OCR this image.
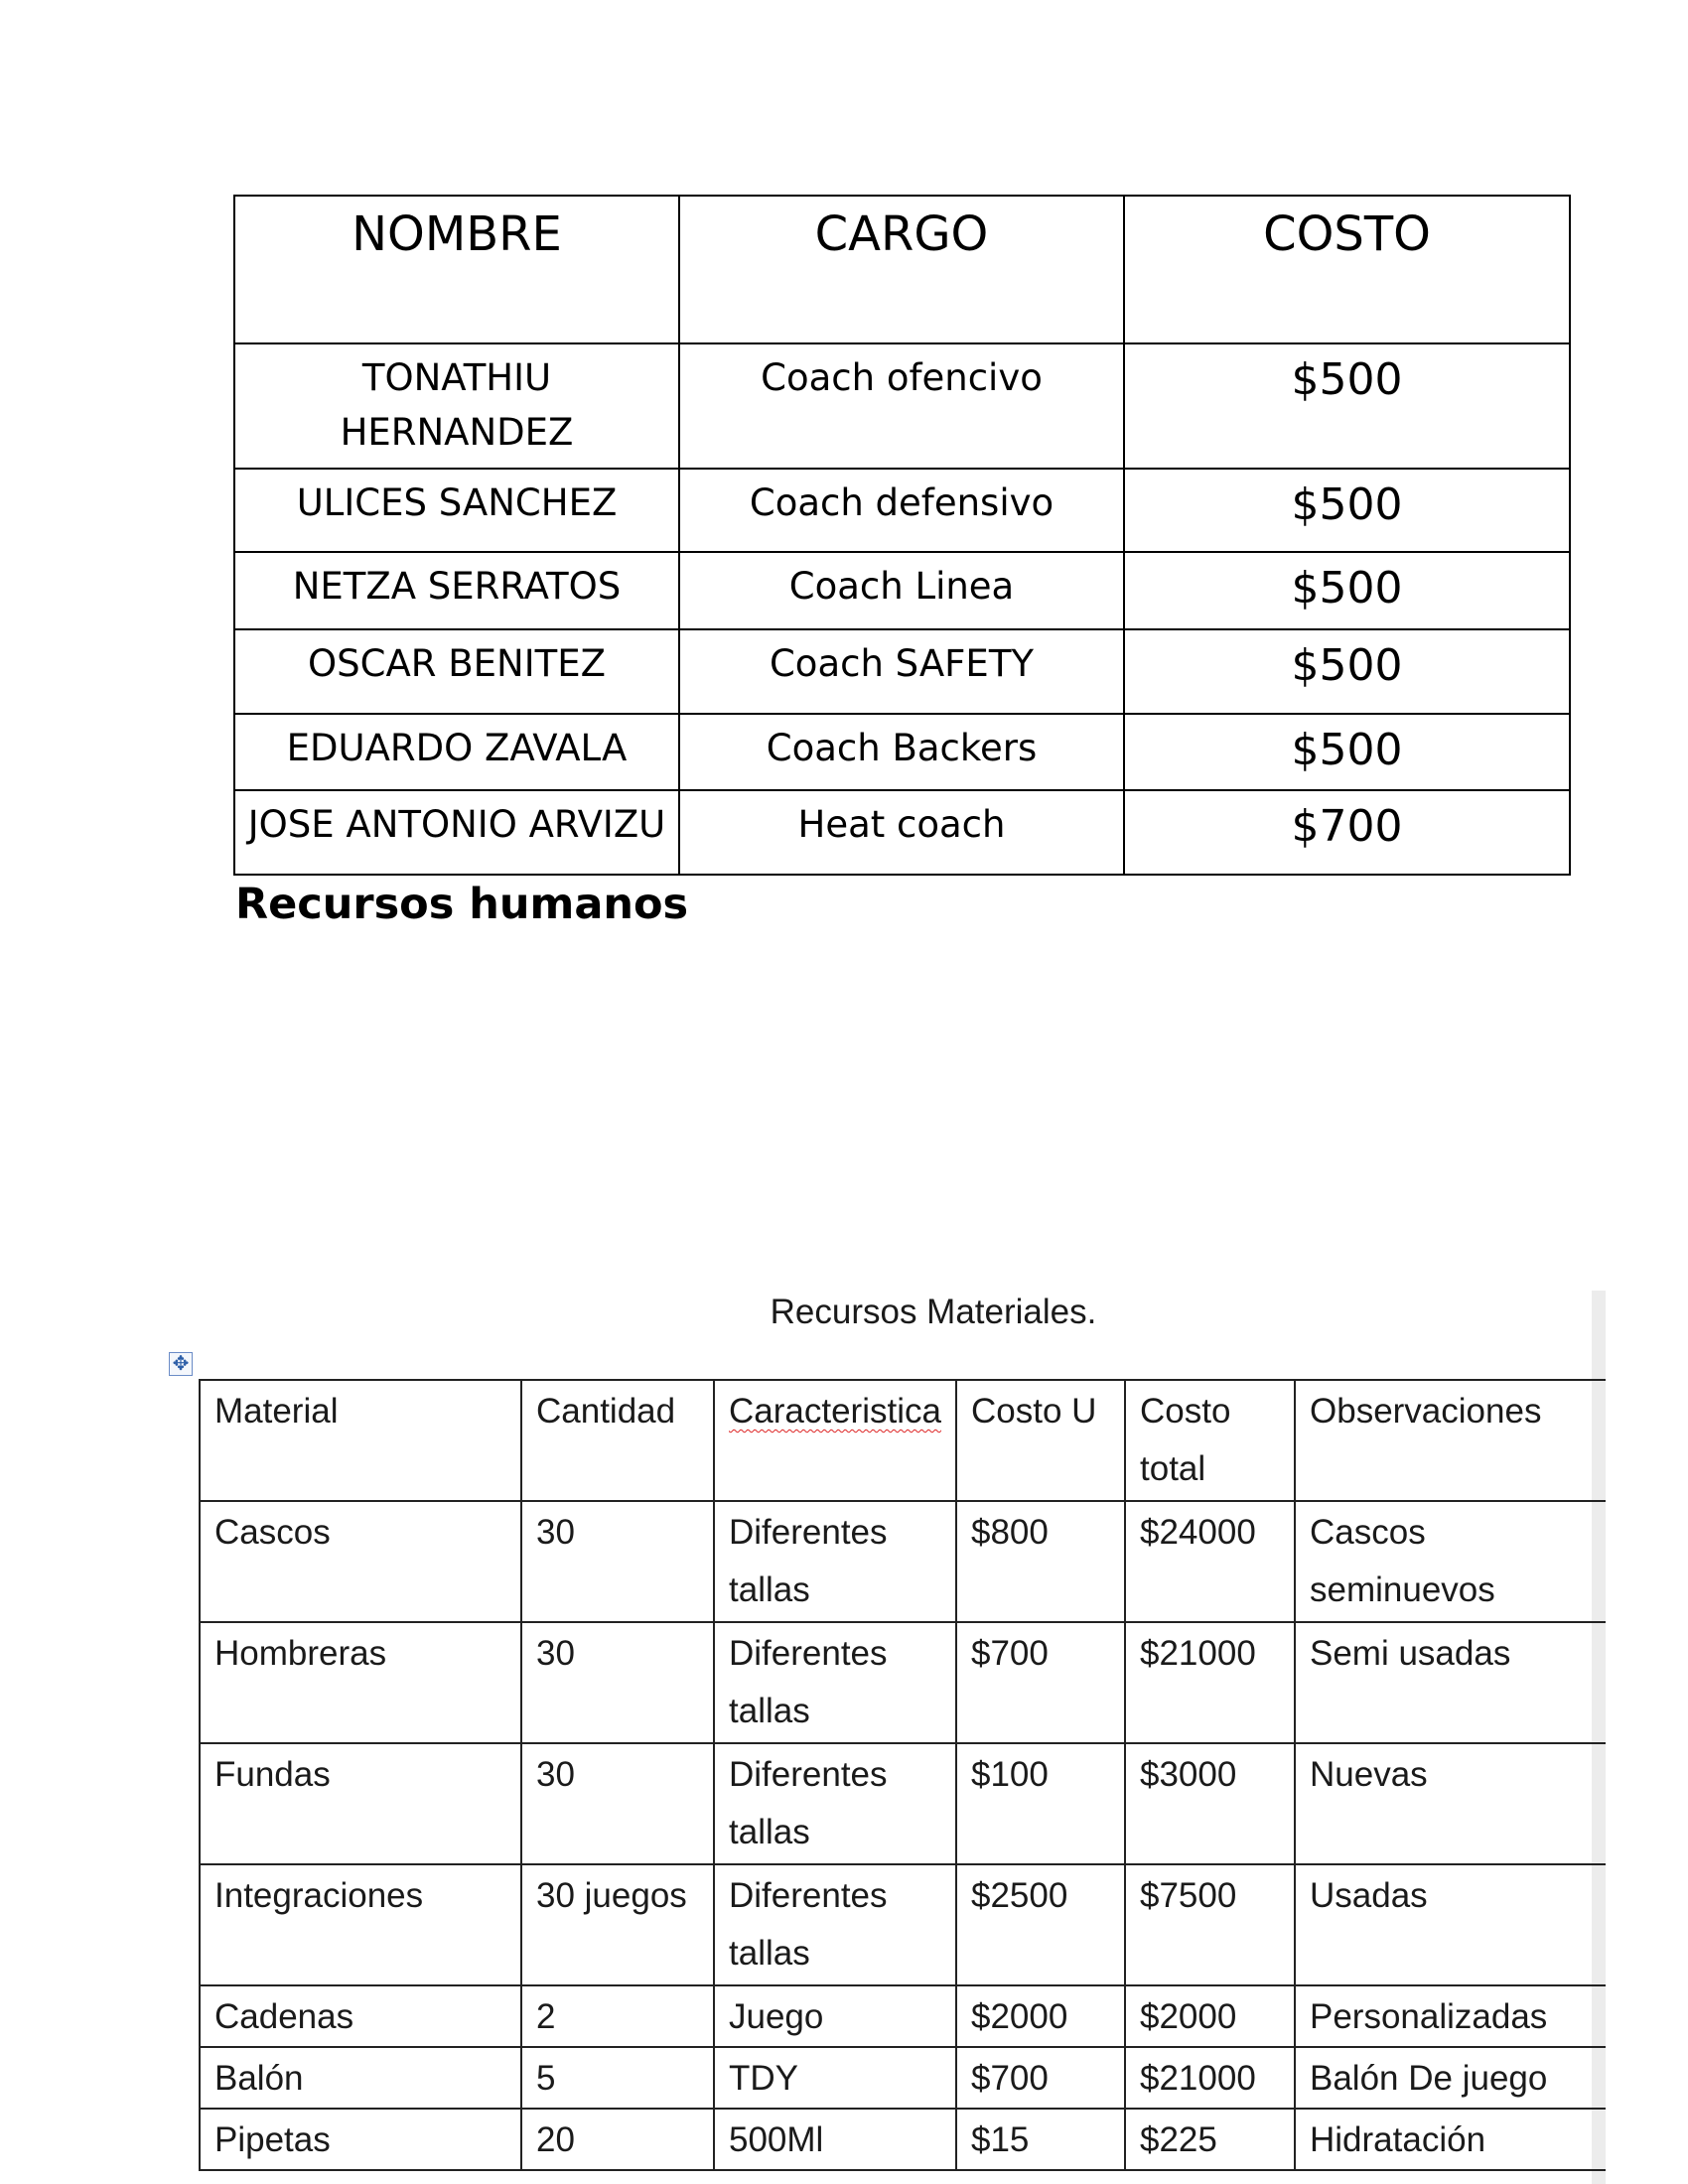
NOMBRE	CARGO	COSTO
TONATHIU HERNANDEZ	Coach ofencivo	$500
ULICES SANCHEZ	Coach defensivo	$500
NETZA SERRATOS	Coach Linea	$500
OSCAR BENITEZ	Coach SAFETY	$500
EDUARDO ZAVALA	Coach Backers	$500
JOSE ANTONIO ARVIZU	Heat coach	$700
Recursos humanos
Recursos Materiales.
✥
Material	Cantidad	Caracteristica	Costo U	Costo total	Observaciones
Cascos	30	Diferentes tallas	$800	$24000	Cascos seminuevos
Hombreras	30	Diferentes tallas	$700	$21000	Semi usadas
Fundas	30	Diferentes tallas	$100	$3000	Nuevas
Integraciones	30 juegos	Diferentes tallas	$2500	$7500	Usadas
Cadenas	2	Juego	$2000	$2000	Personalizadas
Balón	5	TDY	$700	$21000	Balón De juego
Pipetas	20	500Ml	$15	$225	Hidratación
